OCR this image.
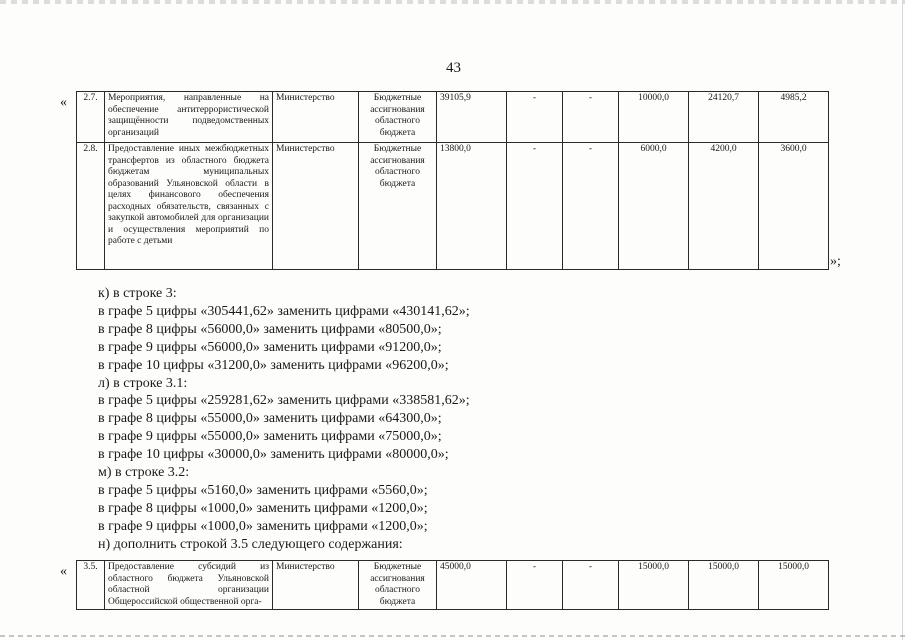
43
« 2.7.	Мероприятия, направленные на обеспечение антитеррористической защищённости подведомственных организаций	Министерство	Бюджетные ассигнования областного бюджета	39105,9	-	-	10000,0	24120,7	4985,2
2.8.	Предоставление иных межбюджетных трансфертов из областного бюджета бюджетам муниципальных образований Ульяновской области в целях финансового обеспечения расходных обязательств, связанных с закупкой автомобилей для организации и осуществления мероприятий по работе с детьми	Министерство	Бюджетные ассигнования областного бюджета	13800,0	-	-	6000,0	4200,0	3600,0
»;
к) в строке 3:
в графе 5 цифры «305441,62» заменить цифрами «430141,62»;
в графе 8 цифры «56000,0» заменить цифрами «80500,0»;
в графе 9 цифры «56000,0» заменить цифрами «91200,0»;
в графе 10 цифры «31200,0» заменить цифрами «96200,0»;
л) в строке 3.1:
в графе 5 цифры «259281,62» заменить цифрами «338581,62»;
в графе 8 цифры «55000,0» заменить цифрами «64300,0»;
в графе 9 цифры «55000,0» заменить цифрами «75000,0»;
в графе 10 цифры «30000,0» заменить цифрами «80000,0»;
м) в строке 3.2:
в графе 5 цифры «5160,0» заменить цифрами «5560,0»;
в графе 8 цифры «1000,0» заменить цифрами «1200,0»;
в графе 9 цифры «1000,0» заменить цифрами «1200,0»;
н) дополнить строкой 3.5 следующего содержания:
« 3.5.	Предоставление субсидий из областного бюджета Ульяновской областной организации Общероссийской общественной орга-	Министерство	Бюджетные ассигнования областного бюджета	45000,0	-	-	15000,0	15000,0	15000,0
